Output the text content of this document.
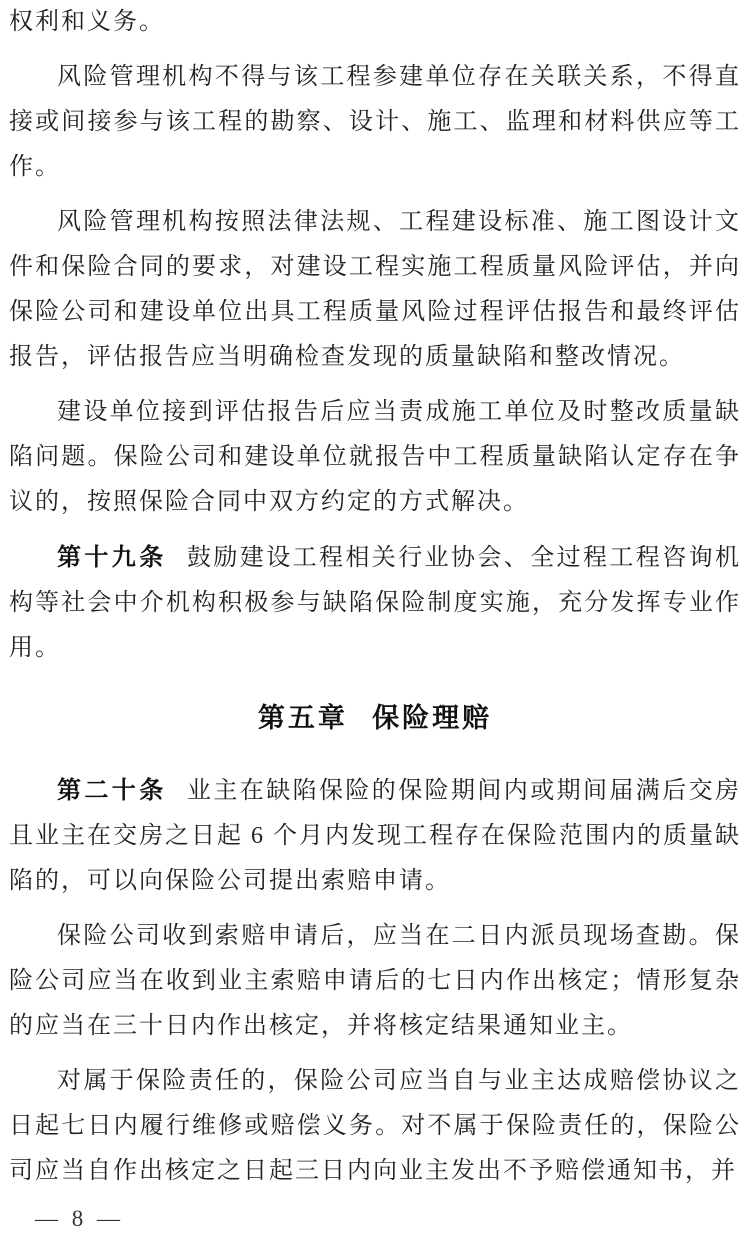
权利和义务。

风险管理机构不得与该工程参建单位存在关联关系，不得直接或间接参与该工程的勘察、设计、施工、监理和材料供应等工作。

风险管理机构按照法律法规、工程建设标准、施工图设计文件和保险合同的要求，对建设工程实施工程质量风险评估，并向保险公司和建设单位出具工程质量风险过程评估报告和最终评估报告，评估报告应当明确检查发现的质量缺陷和整改情况。

建设单位接到评估报告后应当责成施工单位及时整改质量缺陷问题。保险公司和建设单位就报告中工程质量缺陷认定存在争议的，按照保险合同中双方约定的方式解决。

第十九条 鼓励建设工程相关行业协会、全过程工程咨询机构等社会中介机构积极参与缺陷保险制度实施，充分发挥专业作用。

第五章 保险理赔

第二十条 业主在缺陷保险的保险期间内或期间届满后交房且业主在交房之日起 6 个月内发现工程存在保险范围内的质量缺陷的，可以向保险公司提出索赔申请。

保险公司收到索赔申请后，应当在二日内派员现场查勘。保险公司应当在收到业主索赔申请后的七日内作出核定；情形复杂的应当在三十日内作出核定，并将核定结果通知业主。

对属于保险责任的，保险公司应当自与业主达成赔偿协议之日起七日内履行维修或赔偿义务。对不属于保险责任的，保险公司应当自作出核定之日起三日内向业主发出不予赔偿通知书，并

— 8 —
